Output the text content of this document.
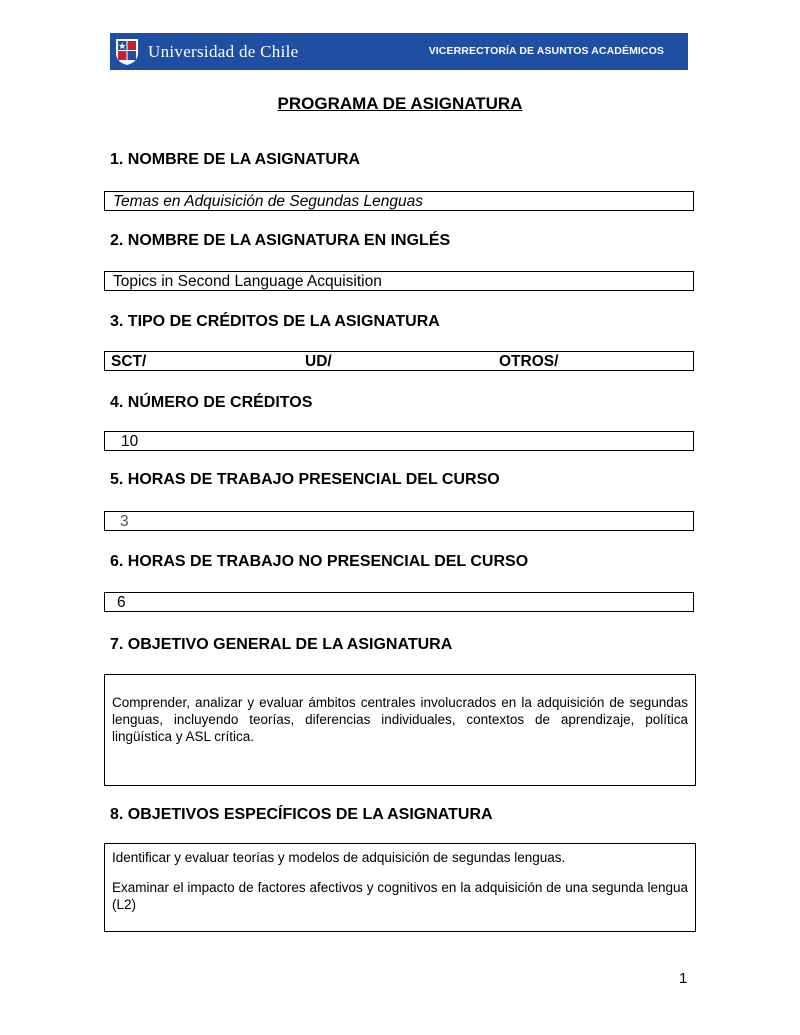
Universidad de Chile	VICERRECTORÍA DE ASUNTOS ACADÉMICOS
PROGRAMA DE ASIGNATURA
1. NOMBRE DE LA ASIGNATURA
Temas en Adquisición de Segundas Lenguas
2. NOMBRE DE LA ASIGNATURA EN INGLÉS
Topics in Second Language Acquisition
3. TIPO DE CRÉDITOS DE LA ASIGNATURA
SCT/	UD/	OTROS/
4. NÚMERO DE CRÉDITOS
10
5. HORAS DE TRABAJO PRESENCIAL DEL CURSO
3
6. HORAS DE TRABAJO NO PRESENCIAL DEL CURSO
6
7. OBJETIVO GENERAL DE LA ASIGNATURA
Comprender, analizar y evaluar ámbitos centrales involucrados en la adquisición de segundas lenguas, incluyendo teorías, diferencias individuales, contextos de aprendizaje, política lingüística y ASL crítica.
8. OBJETIVOS ESPECÍFICOS DE LA ASIGNATURA
Identificar y evaluar teorías y modelos de adquisición de segundas lenguas.
Examinar el impacto de factores afectivos y cognitivos en la adquisición de una segunda lengua (L2)
1
